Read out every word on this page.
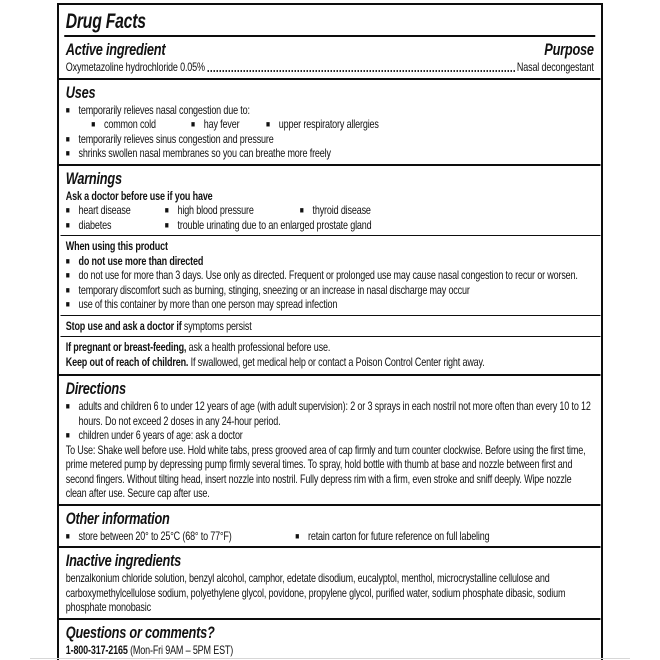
Drug Facts
Active ingredient	Purpose
Oxymetazoline hydrochloride 0.05%	Nasal decongestant
Uses
■ temporarily relieves nasal congestion due to:
■ common cold	■ hay fever	■ upper respiratory allergies
■ temporarily relieves sinus congestion and pressure
■ shrinks swollen nasal membranes so you can breathe more freely
Warnings
Ask a doctor before use if you have
■ heart disease	■ high blood pressure	■ thyroid disease
■ diabetes	■ trouble urinating due to an enlarged prostate gland
When using this product
■ do not use more than directed
■ do not use for more than 3 days. Use only as directed. Frequent or prolonged use may cause nasal congestion to recur or worsen.
■ temporary discomfort such as burning, stinging, sneezing or an increase in nasal discharge may occur
■ use of this container by more than one person may spread infection
Stop use and ask a doctor if symptoms persist
If pregnant or breast-feeding, ask a health professional before use.
Keep out of reach of children. If swallowed, get medical help or contact a Poison Control Center right away.
Directions
■ adults and children 6 to under 12 years of age (with adult supervision): 2 or 3 sprays in each nostril not more often than every 10 to 12 hours. Do not exceed 2 doses in any 24-hour period.
■ children under 6 years of age: ask a doctor
To Use: Shake well before use. Hold white tabs, press grooved area of cap firmly and turn counter clockwise. Before using the first time, prime metered pump by depressing pump firmly several times. To spray, hold bottle with thumb at base and nozzle between first and second fingers. Without tilting head, insert nozzle into nostril. Fully depress rim with a firm, even stroke and sniff deeply. Wipe nozzle clean after use. Secure cap after use.
Other information
■ store between 20° to 25°C (68° to 77°F)	■ retain carton for future reference on full labeling
Inactive ingredients
benzalkonium chloride solution, benzyl alcohol, camphor, edetate disodium, eucalyptol, menthol, microcrystalline cellulose and carboxymethylcellulose sodium, polyethylene glycol, povidone, propylene glycol, purified water, sodium phosphate dibasic, sodium phosphate monobasic
Questions or comments?
1-800-317-2165 (Mon-Fri 9AM – 5PM EST)
